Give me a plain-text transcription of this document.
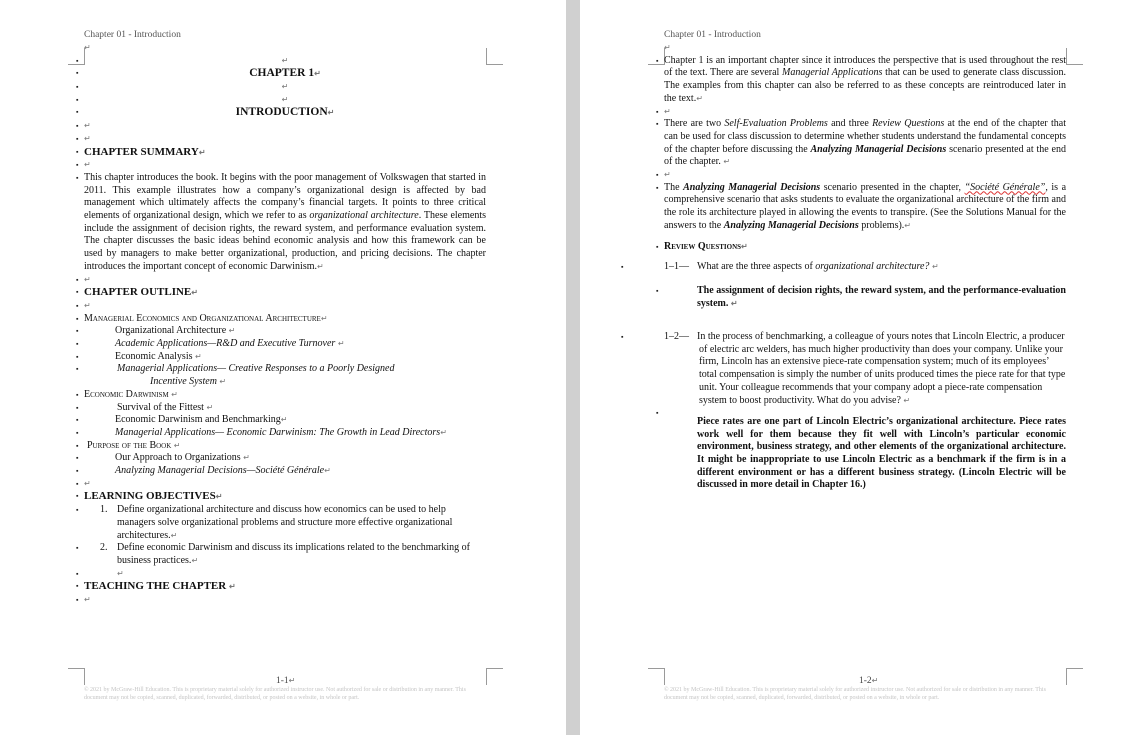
Chapter 01 - Introduction
↵
▪ ↵
▪ CHAPTER 1↵
▪ ↵
▪ ↵
▪ INTRODUCTION↵
▪ ↵
▪ ↵
▪ CHAPTER SUMMARY↵
▪ ↵
▪ This chapter introduces the book. It begins with the poor management of Volkswagen that started in 2011. This example illustrates how a company’s organizational design is affected by bad management which ultimately affects the company’s financial targets. It points to three critical elements of organizational design, which we refer to as organizational architecture. These elements include the assignment of decision rights, the reward system, and performance evaluation system. The chapter discusses the basic ideas behind economic analysis and how this framework can be used by managers to make better organizational, production, and pricing decisions. The chapter introduces the important concept of economic Darwinism.↵
▪ ↵
▪ CHAPTER OUTLINE↵
▪ ↵
▪ Managerial Economics and Organizational Architecture↵
▪ Organizational Architecture ↵
▪ Academic Applications—R&D and Executive Turnover ↵
▪ Economic Analysis ↵
▪ Managerial Applications— Creative Responses to a Poorly Designed
Incentive System ↵
▪ Economic Darwinism ↵
▪ Survival of the Fittest ↵
▪ Economic Darwinism and Benchmarking↵
▪ Managerial Applications— Economic Darwinism: The Growth in Lead Directors↵
▪ Purpose of the Book ↵
▪ Our Approach to Organizations ↵
▪ Analyzing Managerial Decisions—Société Générale↵
▪ ↵
▪ LEARNING OBJECTIVES↵
▪ 1. Define organizational architecture and discuss how economics can be used to help managers solve organizational problems and structure more effective organizational architectures.↵
▪ 2. Define economic Darwinism and discuss its implications related to the benchmarking of business practices.↵
▪ ↵
▪ TEACHING THE CHAPTER ↵
▪ ↵
1-1↵
© 2021 by McGraw-Hill Education. This is proprietary material solely for authorized instructor use. Not authorized for sale or distribution in any manner. This document may not be copied, scanned, duplicated, forwarded, distributed, or posted on a website, in whole or part.
Chapter 01 - Introduction
↵
▪ Chapter 1 is an important chapter since it introduces the perspective that is used throughout the rest of the text. There are several Managerial Applications that can be used to generate class discussion. The examples from this chapter can also be referred to as these concepts are reintroduced later in the text.↵
▪ ↵
▪ There are two Self-Evaluation Problems and three Review Questions at the end of the chapter that can be used for class discussion to determine whether students understand the fundamental concepts of the chapter before discussing the Analyzing Managerial Decisions scenario presented at the end of the chapter. ↵
▪ ↵
▪ The Analyzing Managerial Decisions scenario presented in the chapter, “Société Générale”, is a comprehensive scenario that asks students to evaluate the organizational architecture of the firm and the role its architecture played in allowing the events to transpire. (See the Solutions Manual for the answers to the Analyzing Managerial Decisions problems).↵
▪ Review Questions↵
▪ 1–1— What are the three aspects of organizational architecture? ↵
▪ The assignment of decision rights, the reward system, and the performance-evaluation system. ↵
▪ 1–2— In the process of benchmarking, a colleague of yours notes that Lincoln Electric, a producer of electric arc welders, has much higher productivity than does your company. Unlike your firm, Lincoln has an extensive piece-rate compensation system; much of its employees’ total compensation is simply the number of units produced times the piece rate for that type unit. Your colleague recommends that your company adopt a piece-rate compensation system to boost productivity. What do you advise? ↵
▪
Piece rates are one part of Lincoln Electric’s organizational architecture. Piece rates work well for them because they fit well with Lincoln’s particular economic environment, business strategy, and other elements of the organizational architecture. It might be inappropriate to use Lincoln Electric as a benchmark if the firm is in a different environment or has a different business strategy. (Lincoln Electric will be discussed in more detail in Chapter 16.)
1-2↵
© 2021 by McGraw-Hill Education. This is proprietary material solely for authorized instructor use. Not authorized for sale or distribution in any manner. This document may not be copied, scanned, duplicated, forwarded, distributed, or posted on a website, in whole or part.
